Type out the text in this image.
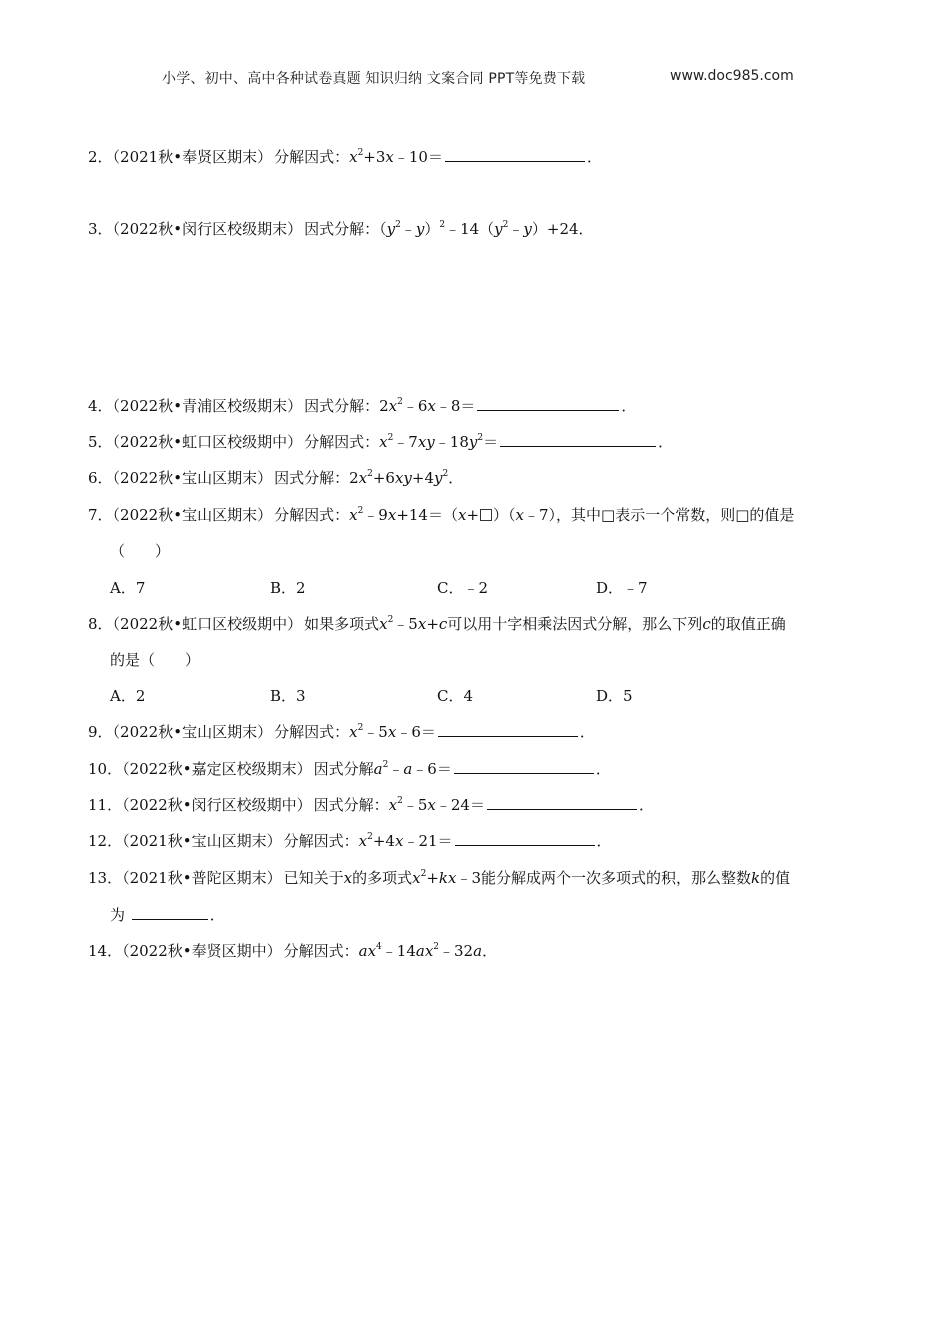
小学、初中、高中各种试卷真题 知识归纳 文案合同 PPT等免费下载	www.doc985.com
2．（2021秋•奉贤区期末） 分解因式：$x^2+3x﹣10=$	．
3．（2022秋•闵行区校级期末） 因式分解：$(y^2﹣y)^2﹣14(y^2﹣y)+24$．
4．（2022秋•青浦区校级期末） 因式分解：$2x^2﹣6x﹣8=$	．
5．（2022秋•虹口区校级期中） 分解因式：$x^2﹣7xy﹣18y^2=$	．
6．（2022秋•宝山区期末） 因式分解：$2x^2+6xy+4y^2$．
7．（2022秋•宝山区期末） 分解因式：$x^2﹣9x+14=(x+$ ）（x﹣7），其中□表示一个常数，则□的值是
（　　）
A．7	B．2	C．﹣2	D．﹣7
8．（2022秋•虹口区校级期中） 如果多项式$x^2﹣5x+c$可以用十字相乘法因式分解，那么下列c的取值正确
的是（　　）
A．2	B．3	C．4	D．5
9．（2022秋•宝山区期末） 分解因式：$x^2﹣5x﹣6=$	．
10．（2022秋•嘉定区校级期末） 因式分解$a^2﹣a﹣6=$	．
11．（2022秋•闵行区校级期中） 因式分解：$x^2﹣5x﹣24=$	．
12．（2021秋•宝山区期末） 分解因式：$x^2+4x﹣21=$	．
13．（2021秋•普陀区期末） 已知关于x的多项式$x^2+kx﹣3$能分解成两个一次多项式的积，那么整数k的值
为	．
14．（2022秋•奉贤区期中） 分解因式：$ax^4﹣14ax^2﹣32a$．
